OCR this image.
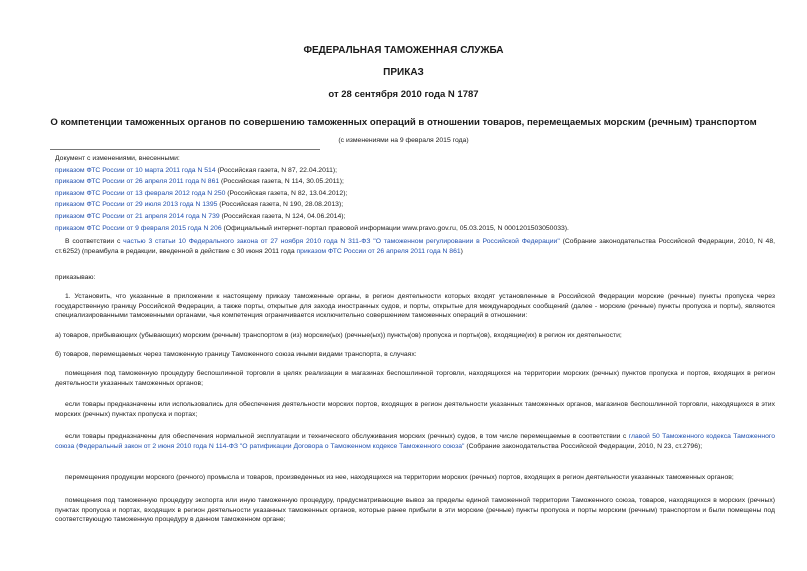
ФЕДЕРАЛЬНАЯ ТАМОЖЕННАЯ СЛУЖБА
ПРИКАЗ
от 28 сентября 2010 года N 1787
О компетенции таможенных органов по совершению таможенных операций в отношении товаров, перемещаемых морским (речным) транспортом
(с изменениями на 9 февраля 2015 года)
Документ с изменениями, внесенными:
приказом ФТС России от 10 марта 2011 года N 514 (Российская газета, N 87, 22.04.2011);
приказом ФТС России от 26 апреля 2011 года N 861 (Российская газета, N 114, 30.05.2011);
приказом ФТС России от 13 февраля 2012 года N 250 (Российская газета, N 82, 13.04.2012);
приказом ФТС России от 29 июля 2013 года N 1395 (Российская газета, N 190, 28.08.2013);
приказом ФТС России от 21 апреля 2014 года N 739 (Российская газета, N 124, 04.06.2014);
приказом ФТС России от 9 февраля 2015 года N 206 (Официальный интернет-портал правовой информации www.pravo.gov.ru, 05.03.2015, N 0001201503050033).
В соответствии с частью 3 статьи 10 Федерального закона от 27 ноября 2010 года N 311-ФЗ "О таможенном регулировании в Российской Федерации" (Собрание законодательства Российской Федерации, 2010, N 48, ст.6252) (преамбула в редакции, введенной в действие с 30 июня 2011 года приказом ФТС России от 26 апреля 2011 года N 861)
приказываю:
1. Установить, что указанные в приложении к настоящему приказу таможенные органы, в регион деятельности которых входят установленные в Российской Федерации морские (речные) пункты пропуска через государственную границу Российской Федерации, а также порты, открытые для захода иностранных судов, и порты, открытые для международных сообщений (далее - морские (речные) пункты пропуска и порты), являются специализированными таможенными органами, чья компетенция ограничивается исключительно совершением таможенных операций в отношении:
а) товаров, прибывающих (убывающих) морским (речным) транспортом в (из) морские(ых) (речные(ых)) пункты(ов) пропуска и порты(ов), входящие(их) в регион их деятельности;
б) товаров, перемещаемых через таможенную границу Таможенного союза иными видами транспорта, в случаях:
помещения под таможенную процедуру беспошлинной торговли в целях реализации в магазинах беспошлинной торговли, находящихся на территории морских (речных) пунктов пропуска и портов, входящих в регион деятельности указанных таможенных органов;
если товары предназначены или использовались для обеспечения деятельности морских портов, входящих в регион деятельности указанных таможенных органов, магазинов беспошлинной торговли, находящихся в этих морских (речных) пунктах пропуска и портах;
если товары предназначены для обеспечения нормальной эксплуатации и технического обслуживания морских (речных) судов, в том числе перемещаемые в соответствии с главой 50 Таможенного кодекса Таможенного союза (Федеральный закон от 2 июня 2010 года N 114-ФЗ "О ратификации Договора о Таможенном кодексе Таможенного союза" (Собрание законодательства Российской Федерации, 2010, N 23, ст.2796);
перемещения продукции морского (речного) промысла и товаров, произведенных из нее, находящихся на территории морских (речных) портов, входящих в регион деятельности указанных таможенных органов;
помещения под таможенную процедуру экспорта или иную таможенную процедуру, предусматривающие вывоз за пределы единой таможенной территории Таможенного союза, товаров, находящихся в морских (речных) пунктах пропуска и портах, входящих в регион деятельности указанных таможенных органов, которые ранее прибыли в эти морские (речные) пункты пропуска и порты морским (речным) транспортом и были помещены под соответствующую таможенную процедуру в данном таможенном органе;
